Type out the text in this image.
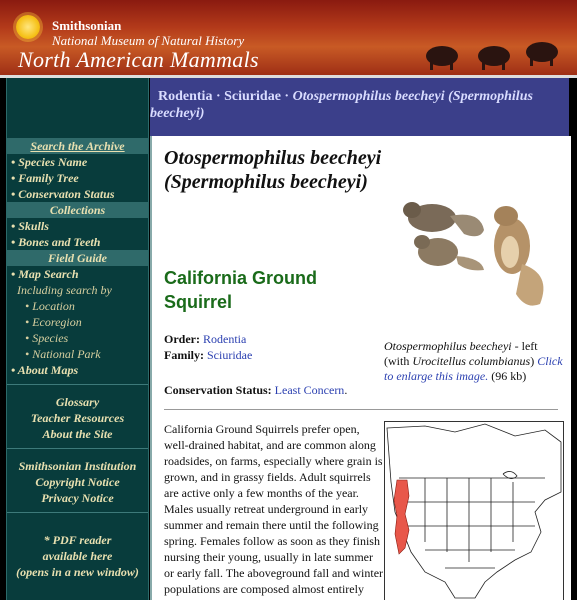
Smithsonian
National Museum of Natural History
North American Mammals
Search the Archive
• Species Name
• Family Tree
• Conservaton Status
Collections
• Skulls
• Bones and Teeth
Field Guide
• Map Search
Including search by
• Location
• Ecoregion
• Species
• National Park
• About Maps
Glossary
Teacher Resources
About the Site
Smithsonian Institution
Copyright Notice
Privacy Notice
* PDF reader
available here
(opens in a new window)
Rodentia · Sciuridae · Otospermophilus beecheyi (Spermophilus
beecheyi)
Otospermophilus beecheyi (Spermophilus beecheyi)
California Ground Squirrel
Order: Rodentia
Family: Sciuridae
Conservation Status: Least Concern.
Otospermophilus beecheyi - left (with Urocitellus columbianus) Click to enlarge this image. (96 kb)
California Ground Squirrels prefer open, well-drained habitat, and are common along roadsides, on farms, especially where grain is grown, and in grassy fields. Adult squirrels are active only a few months of the year. Males usually retreat underground in early summer and remain there until the following spring. Females follow as soon as they finish nursing their young, usually in late summer or early fall. The aboveground fall and winter populations are composed almost entirely
